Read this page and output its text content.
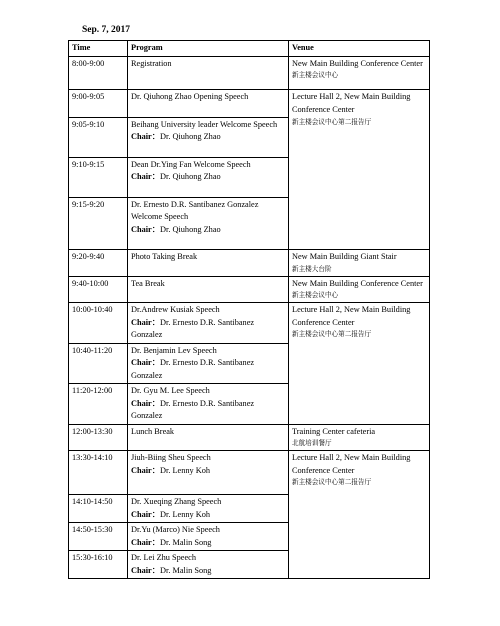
Sep. 7, 2017
Time	Program	Venue
8:00-9:00	Registration	New Main Building Conference Center
新主楼会议中心

9:00-9:05	Dr. Qiuhong Zhao Opening Speech	Lecture Hall 2, New Main Building Conference Center
9:05-9:10	Beihang University leader Welcome Speech
Chair：Dr. Qiuhong Zhao	新主楼会议中心第二报告厅

9:10-9:15	Dean Dr.Ying Fan Welcome Speech
Chair：Dr. Qiuhong Zhao

9:15-9:20	Dr. Ernesto D.R. Santibanez Gonzalez Welcome Speech
Chair：Dr. Qiuhong Zhao

9:20-9:40	Photo Taking Break	New Main Building Giant Stair
新主楼大台阶

9:40-10:00	Tea Break	New Main Building Conference Center
新主楼会议中心

10:00-10:40	Dr.Andrew Kusiak Speech
Chair：Dr. Ernesto D.R. Santibanez Gonzalez	Lecture Hall 2, New Main Building Conference Center
新主楼会议中心第二报告厅

10:40-11:20	Dr. Benjamin Lev Speech
Chair：Dr. Ernesto D.R. Santibanez Gonzalez	
11:20-12:00	Dr. Gyu M. Lee Speech
Chair：Dr. Ernesto D.R. Santibanez Gonzalez	
12:00-13:30	Lunch Break	Training Center cafeteria
北航培训餐厅

13:30-14:10	Jiuh-Biing Sheu Speech
Chair：Dr. Lenny Koh	Lecture Hall 2, New Main Building Conference Center
新主楼会议中心第二报告厅

14:10-14:50	Dr. Xueqing Zhang Speech
Chair：Dr. Lenny Koh	
14:50-15:30	Dr.Yu (Marco) Nie Speech
Chair：Dr. Malin Song	
15:30-16:10	Dr. Lei Zhu Speech
Chair：Dr. Malin Song	
